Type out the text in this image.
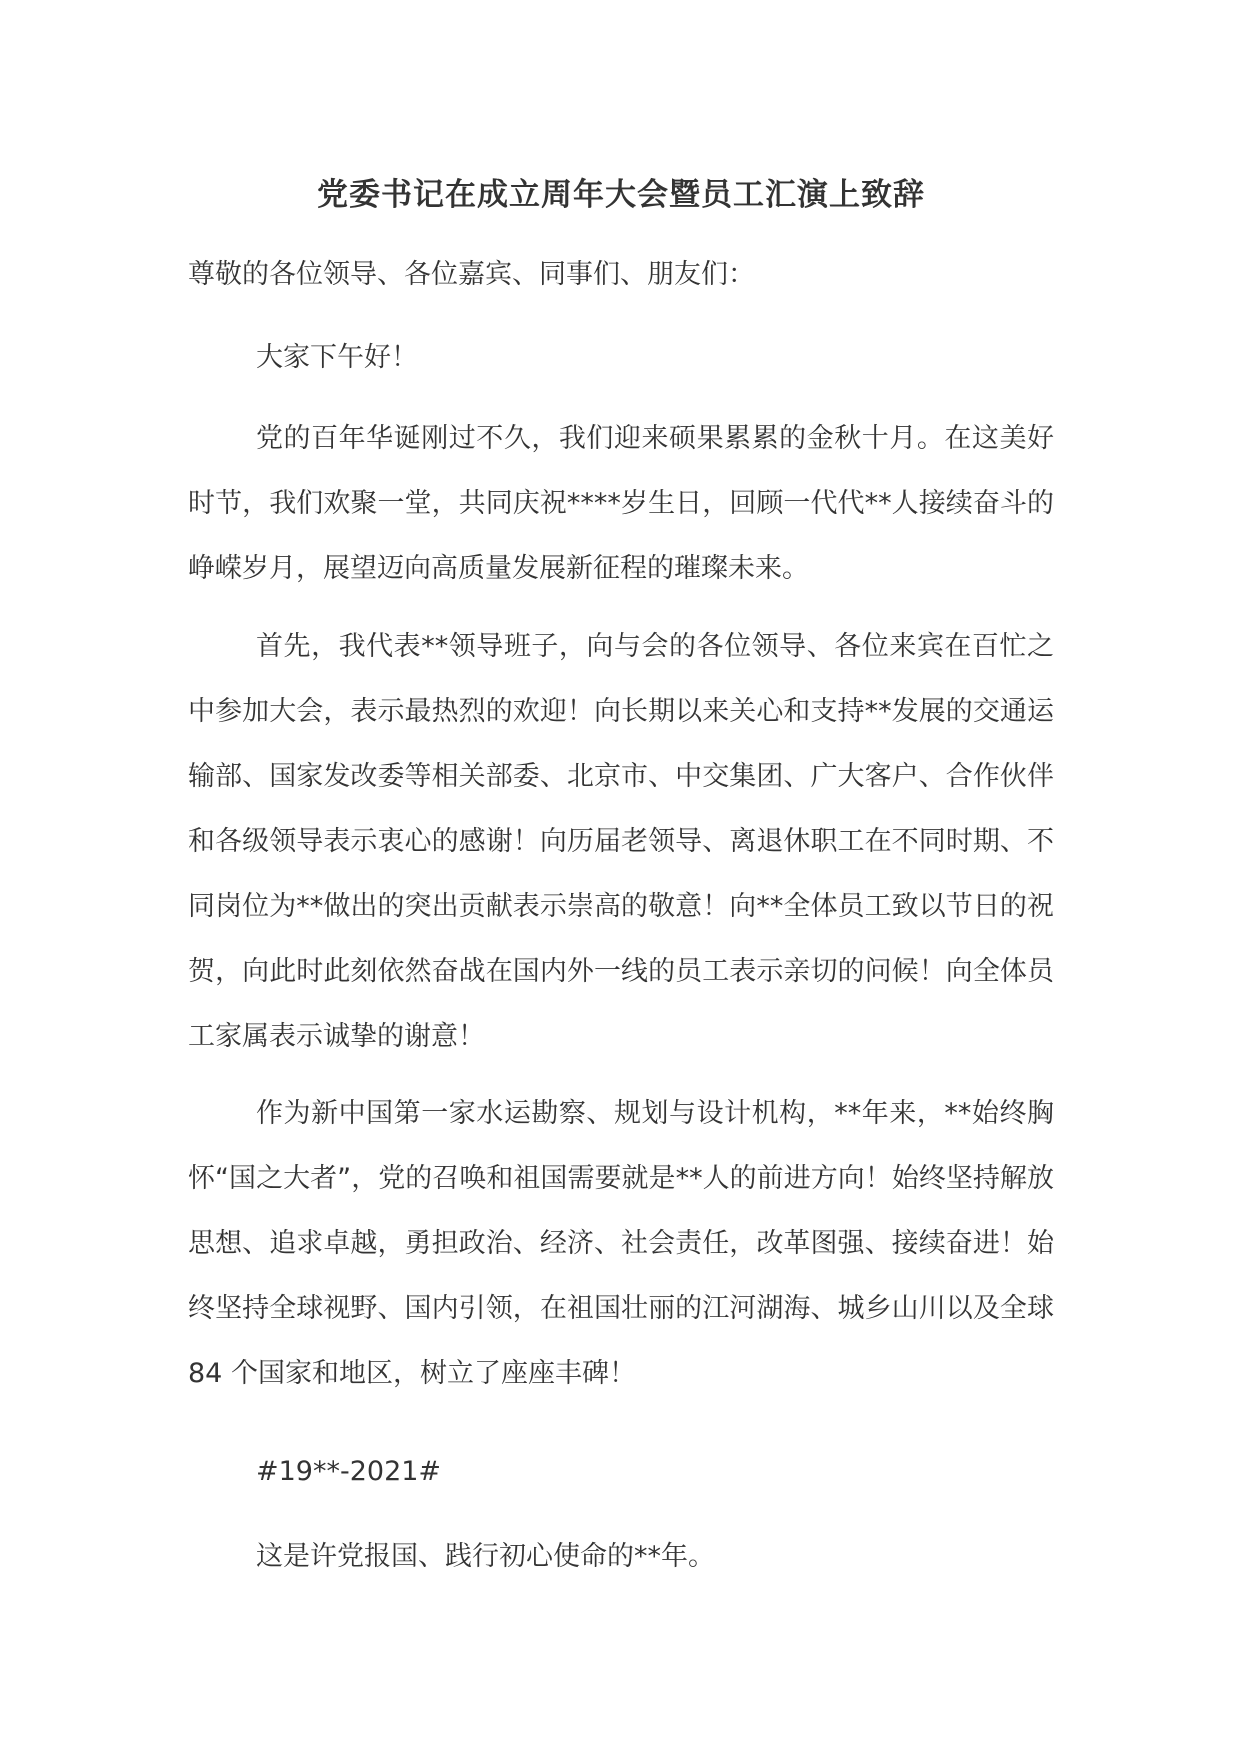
党委书记在成立周年大会暨员工汇演上致辞
尊敬的各位领导、各位嘉宾、同事们、朋友们：

大家下午好！

党的百年华诞刚过不久，我们迎来硕果累累的金秋十月。在这美好时节，我们欢聚一堂，共同庆祝****岁生日，回顾一代代**人接续奋斗的峥嵘岁月，展望迈向高质量发展新征程的璀璨未来。

首先，我代表**领导班子，向与会的各位领导、各位来宾在百忙之中参加大会，表示最热烈的欢迎！向长期以来关心和支持**发展的交通运输部、国家发改委等相关部委、北京市、中交集团、广大客户、合作伙伴和各级领导表示衷心的感谢！向历届老领导、离退休职工在不同时期、不同岗位为**做出的突出贡献表示崇高的敬意！向**全体员工致以节日的祝贺，向此时此刻依然奋战在国内外一线的员工表示亲切的问候！向全体员工家属表示诚挚的谢意！

作为新中国第一家水运勘察、规划与设计机构，**年来，**始终胸怀“国之大者”，党的召唤和祖国需要就是**人的前进方向！始终坚持解放思想、追求卓越，勇担政治、经济、社会责任，改革图强、接续奋进！始终坚持全球视野、国内引领，在祖国壮丽的江河湖海、城乡山川以及全球 84 个国家和地区，树立了座座丰碑！

#19**-2021#

这是许党报国、践行初心使命的**年。
